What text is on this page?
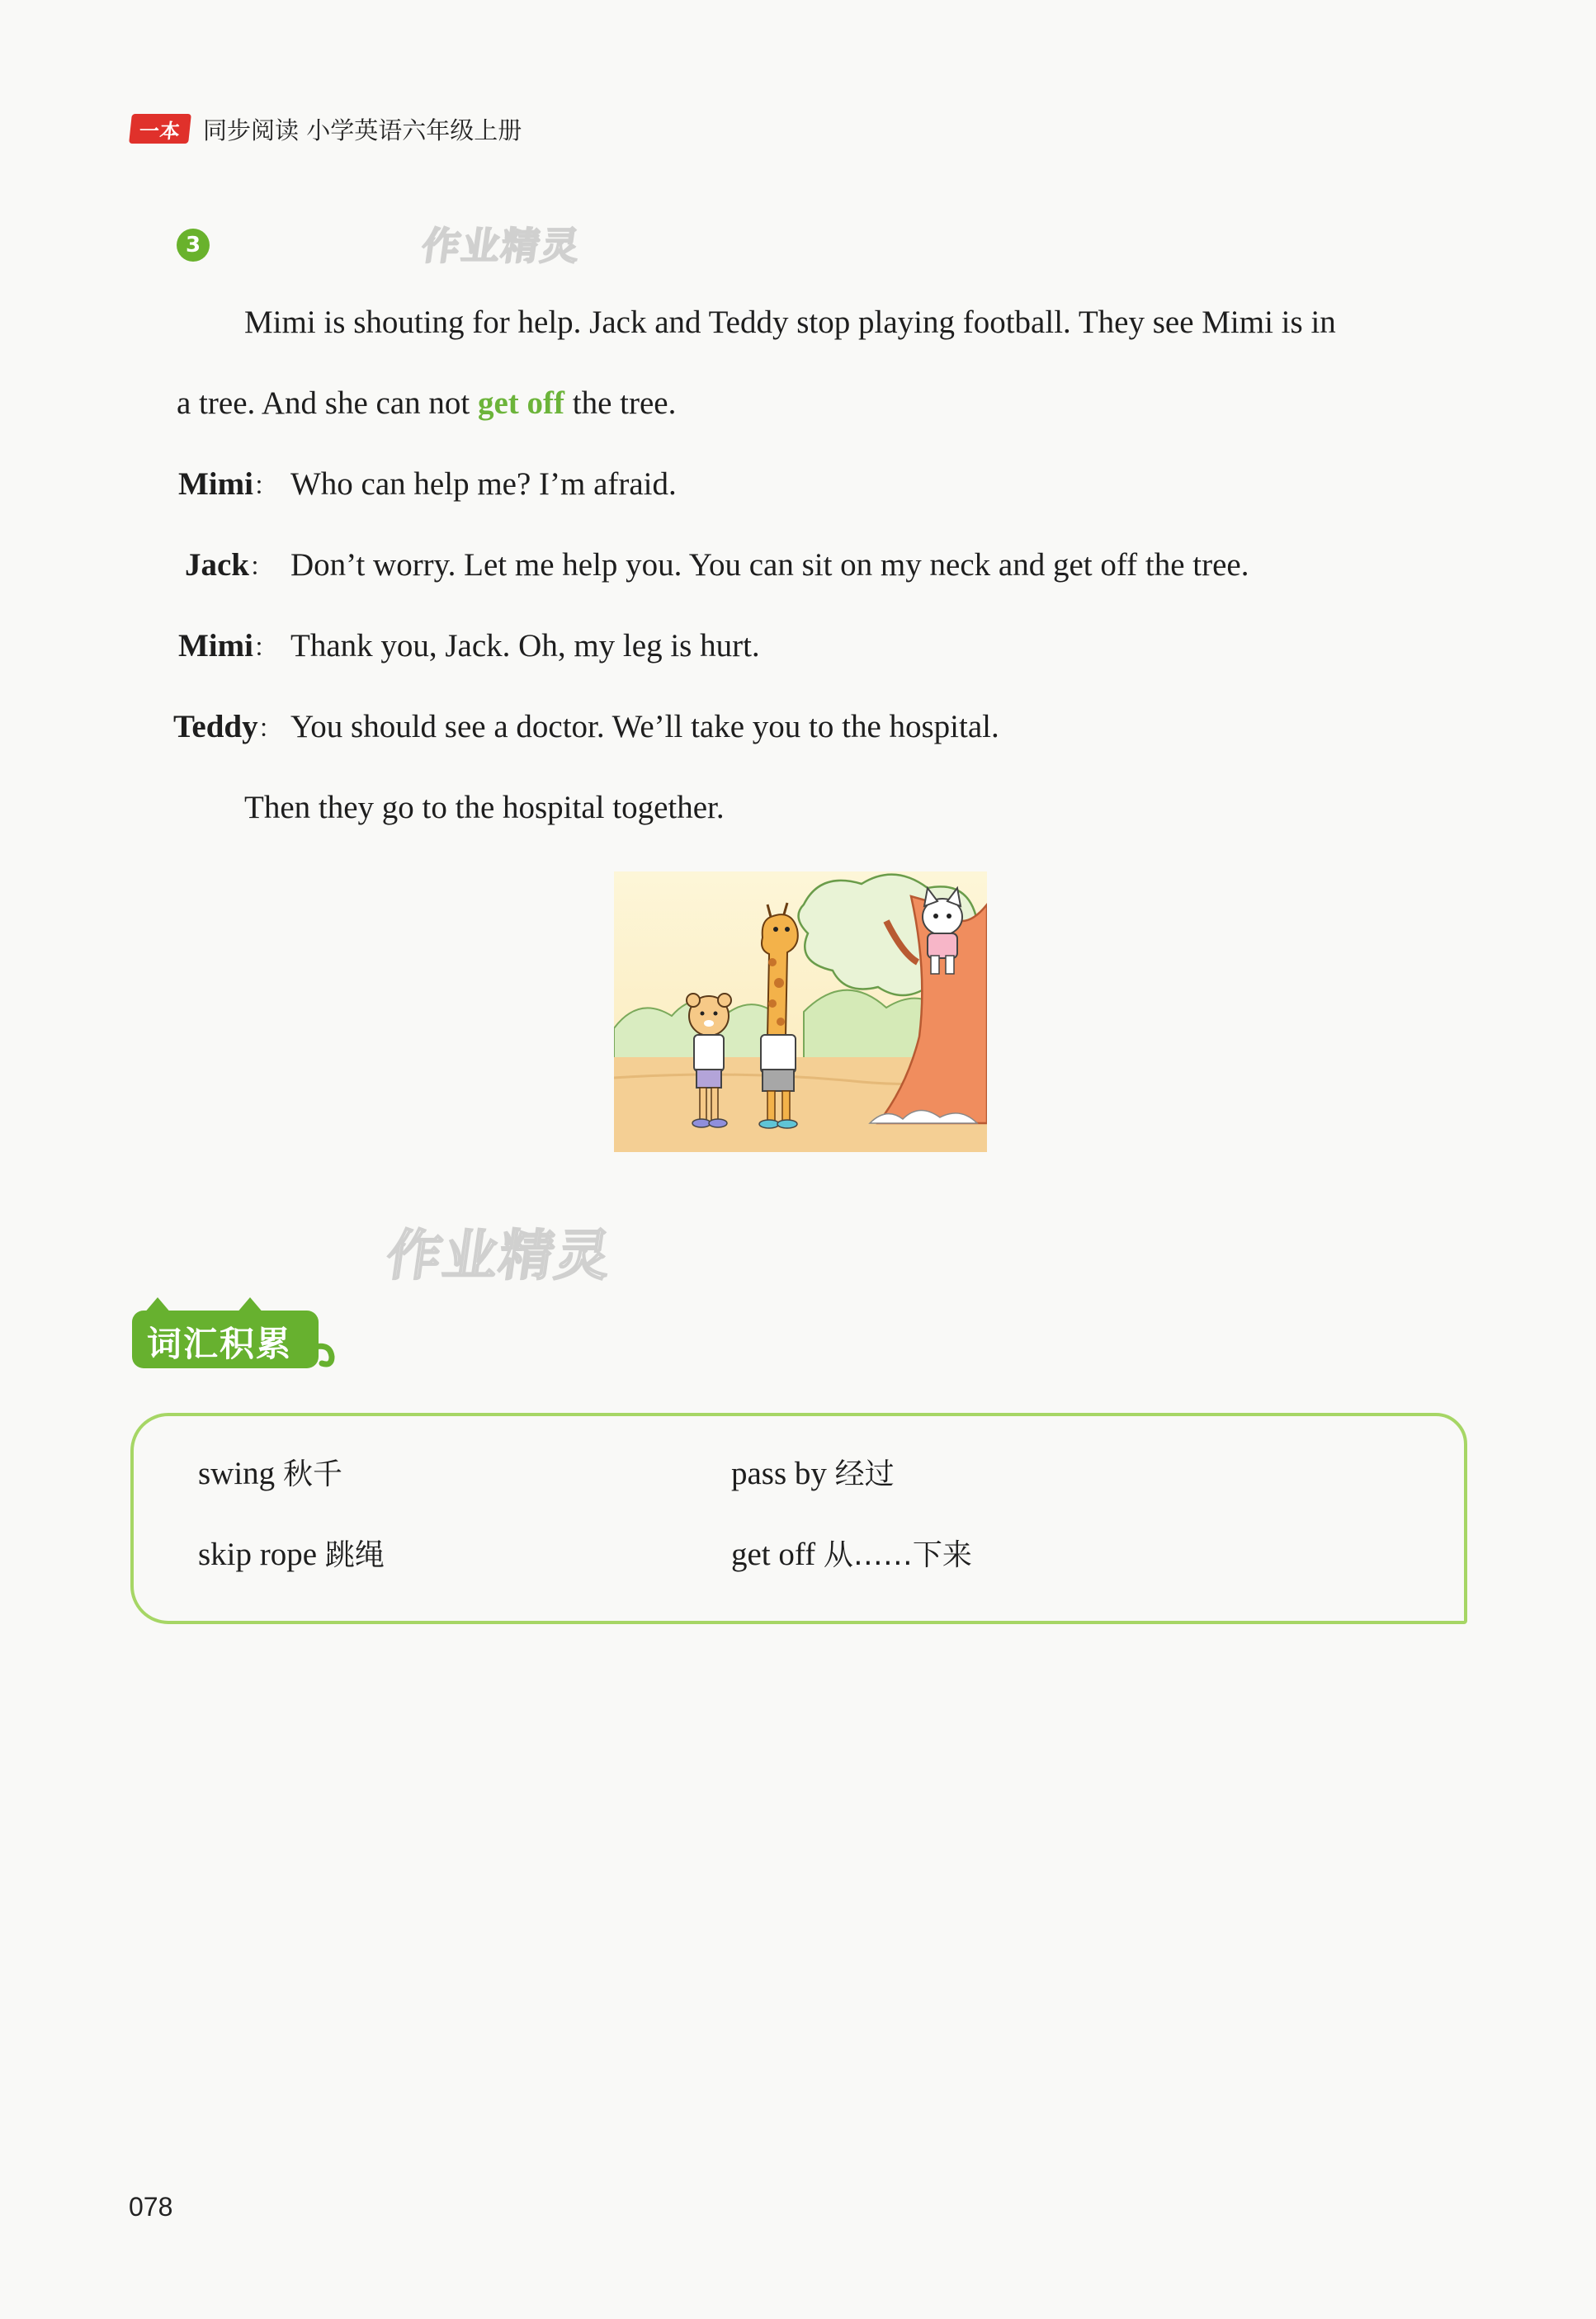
一本 同步阅读 小学英语六年级上册
3	作业精灵
作业精灵
Mimi is shouting for help. Jack and Teddy stop playing football. They see Mimi is in
a tree. And she can not get off the tree.
Mimi： Who can help me? I’m afraid.
Jack： Don’t worry. Let me help you. You can sit on my neck and get off the tree.
Mimi： Thank you, Jack. Oh, my leg is hurt.
Teddy： You should see a doctor. We’ll take you to the hospital.
Then they go to the hospital together.
词汇积累
swing 秋千	pass by 经过
skip rope 跳绳	get off 从……下来
078
